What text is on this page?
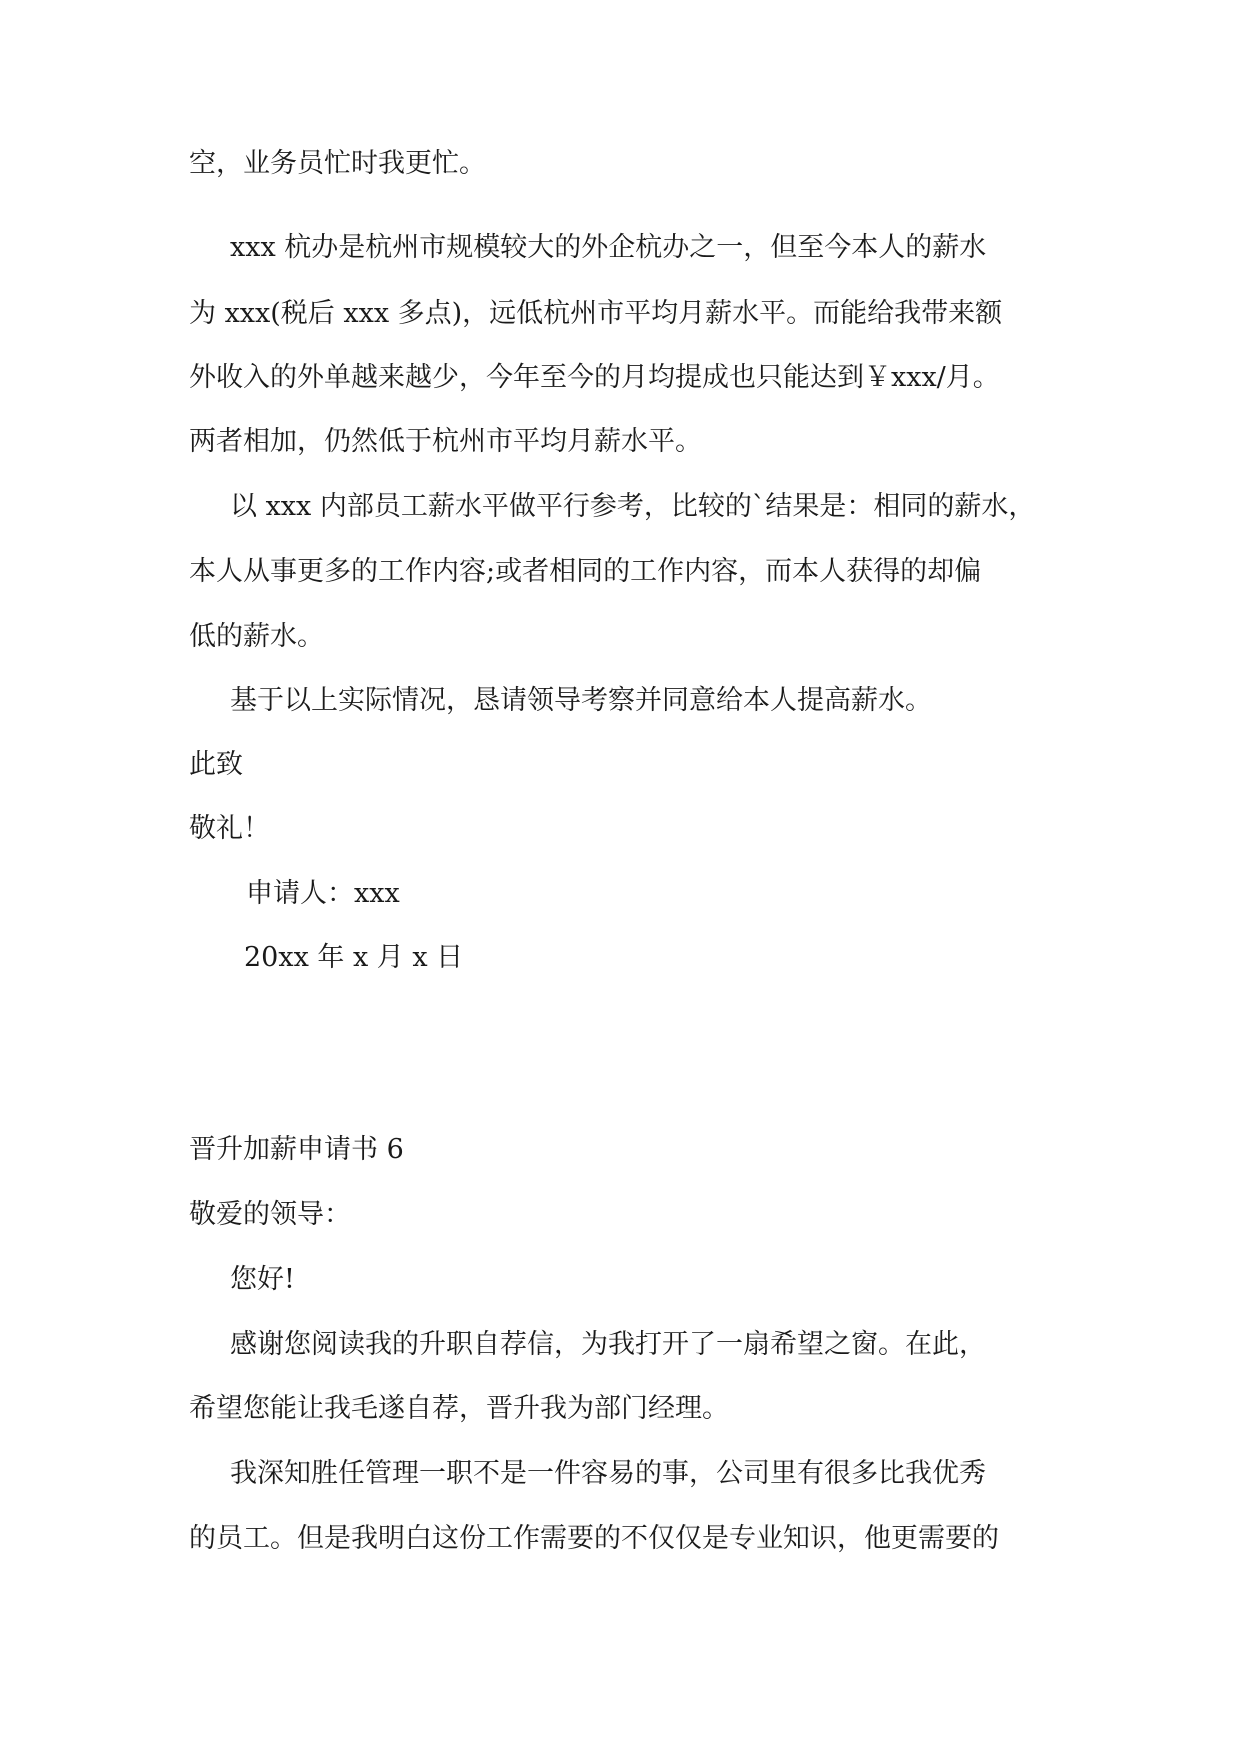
空，业务员忙时我更忙。
xxx 杭办是杭州市规模较大的外企杭办之一，但至今本人的薪水
为 xxx(税后 xxx 多点)，远低杭州市平均月薪水平。而能给我带来额
外收入的外单越来越少，今年至今的月均提成也只能达到￥xxx/月。
两者相加，仍然低于杭州市平均月薪水平。
以 xxx 内部员工薪水平做平行参考，比较的`结果是：相同的薪水，
本人从事更多的工作内容;或者相同的工作内容，而本人获得的却偏
低的薪水。
基于以上实际情况，恳请领导考察并同意给本人提高薪水。
此致
敬礼！
申请人：xxx
20xx 年 x 月 x 日
晋升加薪申请书 6
敬爱的领导：
您好!
感谢您阅读我的升职自荐信，为我打开了一扇希望之窗。在此，
希望您能让我毛遂自荐，晋升我为部门经理。
我深知胜任管理一职不是一件容易的事，公司里有很多比我优秀
的员工。但是我明白这份工作需要的不仅仅是专业知识，他更需要的
